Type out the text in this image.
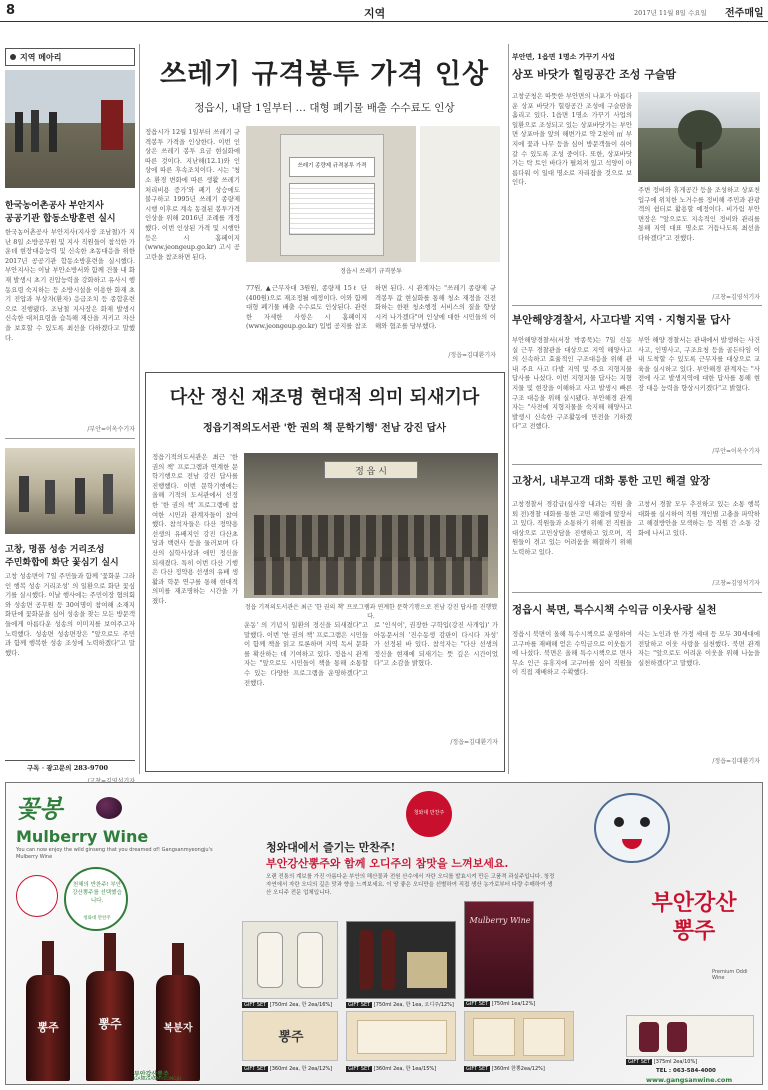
8	지역	2017년 11월 8일 수요일 전주매일
지역 메아리
한국농어촌공사 부안지사
공공기관 합동소방훈련 실시
한국농어촌공사 부안지사(지사장 조남철)가 지난 8일 소방공무원 및 지사 직원들이 참석한 가운데 현장대응능력 및 신속한 초동대응을 위한 2017년 공공기관 합동소방훈련을 실시했다. 부안지사는 이날 부안소방서와 함께 건물 내 화재 발생시 초기 진압능력을 강화하고 유사시 행동요령 숙지하는 등 소방시설을 이용한 화재 초기 진압과 부상자(환자) 응급조치 등 종합훈련으로 진행됐다. 조남철 지사장은 화재 발생시 신속한 대처요령을 습득해 재산을 지키고 자산을 보호할 수 있도록 최선을 다하겠다고 말했다.
/부안=이옥수기자
고창, 명품 성송 거리조성
주민화합에 화단 꽃심기 실시
고창 성송면이 7일 주민들과 함께 '꽃화분 그라인 행복 성송 거리조성' 의 일환으로 화단 꽃심기를 실시했다. 이날 행사에는 주민이장 협의회와 성송면 공무원 등 30여명이 참여해 소재지 화단에 꽃화분을 심어 성송을 찾는 모든 방문객들에게 아름다운 성송의 이미지를 보여주고자 노력했다. 성송면 성송면장은 "앞으로도 주민과 함께 행복한 성송 조성에 노력하겠다"고 말했다.
구독 · 광고문의 283-9700
쓰레기 규격봉투 가격 인상
정읍시, 내달 1일부터 … 대형 폐기물 배출 수수료도 인상
정읍시가 12월 1일부터 쓰레기 규격봉투 가격을 인상한다. 이번 인상은 쓰레기 봉투 요금 현실화에 따른 것이다. 지난해(12.1)와 인상에 따른 후속조치이다. 시는 '청소 환경 변화에 따른 생활 쓰레기 처리비용 증가'와 폐기 상승에도 불구하고 1995년 쓰레기 종량제 시행 이후로 계속 동결된 봉투가격 인상을 위해 2016년 조례를 개정했다. 이번 인상된 가격 및 시행안 등은 시 홈페이지(www.jeongeup.go.kr) 고시 공고란을 참조하면 된다.
쓰레기 종량제 규격봉투 가격
정읍시 쓰레기 규격봉투
77원, ▲근무자대 3원원, 종량제 15ℓ 단(400원)으로 재조정될 예정이다. 이와 함께 대형 폐기물 배출 수수료도 인상된다. 관련한 자세한 사항은 시 홈페이지(www.jeongeup.go.kr) 입법 공지를 참조하면 된다. 시 관계자는 "쓰레기 종량제 규격봉투 값 현실화를 통해 청소 재정을 건전화하는 한편 청소행정 서비스의 질을 향상시켜 나가겠다"며 인상에 대한 시민들의 이해와 협조를 당부했다.
/정읍=김대환기자
다산 정신 재조명 현대적 의미 되새기다
정읍기적의도서관 '한 권의 책 문학기행' 전남 강진 답사
정읍기적의도서관은 최근 '한 권의 책' 프로그램과 연계한 문학기행으로 전남 강진 답사를 진행했다. 이번 문학기행에는 올해 기적의 도서관에서 선정한 '한 권의 책' 프로그램에 참여한 시민과 관계자들이 참여했다. 참석자들은 다산 정약용 선생의 유배지인 강진 다산초당과 백련사 등을 둘러보며 다산의 실학사상과 애민 정신을 되새겼다. 특히 이번 다산 기행은 다산 정약용 선생의 유배 생활과 학문 연구를 통해 현대적 의미를 재조명하는 시간을 가졌다.
정 읍 시
정읍 기적의도서관은 최근 '한 권의 책' 프로그램과 연계한 문학기행으로 전남 강진 답사를 진행했다.
운동' 의 기념식 일환의 정신을 되새겼다"고 말했다. 이번 '한 권의 책' 프로그램은 시민들이 함께 책을 읽고 토론하며 지역 독서 문화를 확산하는 데 기여하고 있다. 정읍시 관계자는 "앞으로도 시민들이 책을 통해 소통할 수 있는 다양한 프로그램을 운영하겠다"고 전했다.
로 '인식이', 권장한 구학입(강진 사개입)' 가 아동문서의 '진수동생 감판이 다시다 자성' 가 선정된 바 있다. 참석자는 "다산 선생의 정신을 현재에 되새기는 뜻 깊은 시간이었다"고 소감을 밝혔다.
/정읍=김대환기자
부안면, 1읍면 1명소 가꾸기 사업
상포 바닷가 힐링공간 조성 구슬땀
고창군청은 따뜻한 부안면의 나포가 아름다운 상포 바닷가 힐링공간 조성에 구슬땀을 흘리고 있다. 1읍면 1명소 가꾸기 사업의 일환으로 조성되고 있는 상포바닷가는 부안면 상포마을 앞의 해변가로 약 2천여 ㎡ 부지에 꽃과 나무 등을 심어 방문객들이 쉬어갈 수 있도록 조성 중이다. 또한, 상포바닷가는 탁 트인 바다가 펼쳐져 있고 석양이 아름다워 이 일대 명소로 자리잡을 것으로 보인다.
주변 정비와 휴게공간 등을 조성하고 상포천 입구에 위치한 노거수를 정비해 주민과 관광객의 쉼터로 활용할 예정이다. 비가림 부안면장은 "앞으로도 지속적인 정비와 관리를 통해 지역 대표 명소로 거듭나도록 최선을 다하겠다"고 전했다.
/고창=김영석기자
부안해양경찰서, 사고다발 지역 · 지형지물 답사
부안해양경찰서(서장 박종묵)는 7일 신동실 근무 경찰관을 대상으로 지역 해양사고의 신속하고 효율적인 구조대응을 위해 관내 주요 사고 다발 지역 및 주요 지형지물 답사를 나섰다. 이번 지형지물 답사는 지형지물 및 현장을 이해하고 사고 발생시 빠른 구조 대응을 위해 실시됐다. 부안해경 관계자는 "사전에 지형지물을 숙지해 해양사고 발생시 신속한 구조활동에 만전을 기하겠다"고 전했다.
부안 해양 경찰서는 관내에서 발생하는 사건사고, 인명사고, 구조요청 등을 골든타임 이내 도착할 수 있도록 근무자를 대상으로 교육을 실시하고 있다. 부안해경 관계자는 "사전에 사고 발생지역에 대한 답사를 통해 현장 대응 능력을 향상시키겠다"고 밝혔다.
/부안=이옥수기자
고창서, 내부고객 대화 통한 고민 해결 앞장
고창경찰서 경감급(심사장 내과는 직원 출퇴 전)경찰 대화를 통한 고민 해결에 앞장서고 있다. 직원들과 소통하기 위해 전 직원을 대상으로 고민상담을 진행하고 있으며, 직원들이 겪고 있는 어려움을 해결하기 위해 노력하고 있다.
고창서 경찰 모두 추진하고 있는 소통 행복 대화를 실시하여 직원 개인별 고충을 파악하고 해결방안을 모색하는 등 직원 간 소통 강화에 나서고 있다.
/고창=김영석기자
정읍시 북면, 특수시책 수익금 이웃사랑 실천
정읍시 북면이 올해 특수시책으로 운영하여 고구마를 재배해 얻은 수익금으로 이웃돕기에 나섰다. 북면은 올해 특수시책으로 면사무소 인근 유휴지에 고구마를 심어 직원들이 직접 재배하고 수확했다.
사는 노인과 한 가정 세대 등 모두 30세대에 전달하고 이웃 사랑을 실천했다. 북면 관계자는 "앞으로도 어려운 이웃을 위해 나눔을 실천하겠다"고 말했다.
/정읍=김대환기자
꽃봉
Mulberry Wine
You can now enjoy the wild ginseng that you dreamed of! Gangsanmyeongju's Mulberry Wine
천혜의 반찬주! 부안강산뽕주를 선택했습니다.
청와대 만찬주
뽕주	뽕주	복분자
청와대 만찬주
청와대에서 즐기는 만찬주!
부안강산뽕주와 함께 오디주의 참맛을 느껴보세요.
오랜 전통의 계보를 가진 아름다운 부안의 해산물과 전원 산수에서 자란 오디를 발효시켜 만든 고품격 과실주입니다. 청정 자연에서 자란 오디의 깊은 맛과 향을 느껴보세요. 이 땅 좋은 오디만을 선별하여 직접 생산 농가로부터 다량 수매하여 생산 오디주 전문 업체입니다.
GIFT SET [750ml 2ea, 한 2ea/16%]	GIFT SET [750ml 2ea, 한 1ea, 오디주/12%]
Mulberry Wine
GIFT SET [750ml 1ea/12%]
뽕주
GIFT SET [360ml 2ea, 한 2ea/12%]	GIFT SET [360ml 2ea, 한 1ea/15%]	GIFT SET [360ml 한뽕2ea/12%]
부안강산 뽕주
Premium Oddi Wine
GIFT SET [375ml 2ea/10%]
TEL : 063-584-4000
www.gangsanwine.com
부안강산뽕주
GANGSANMYEONGJU
